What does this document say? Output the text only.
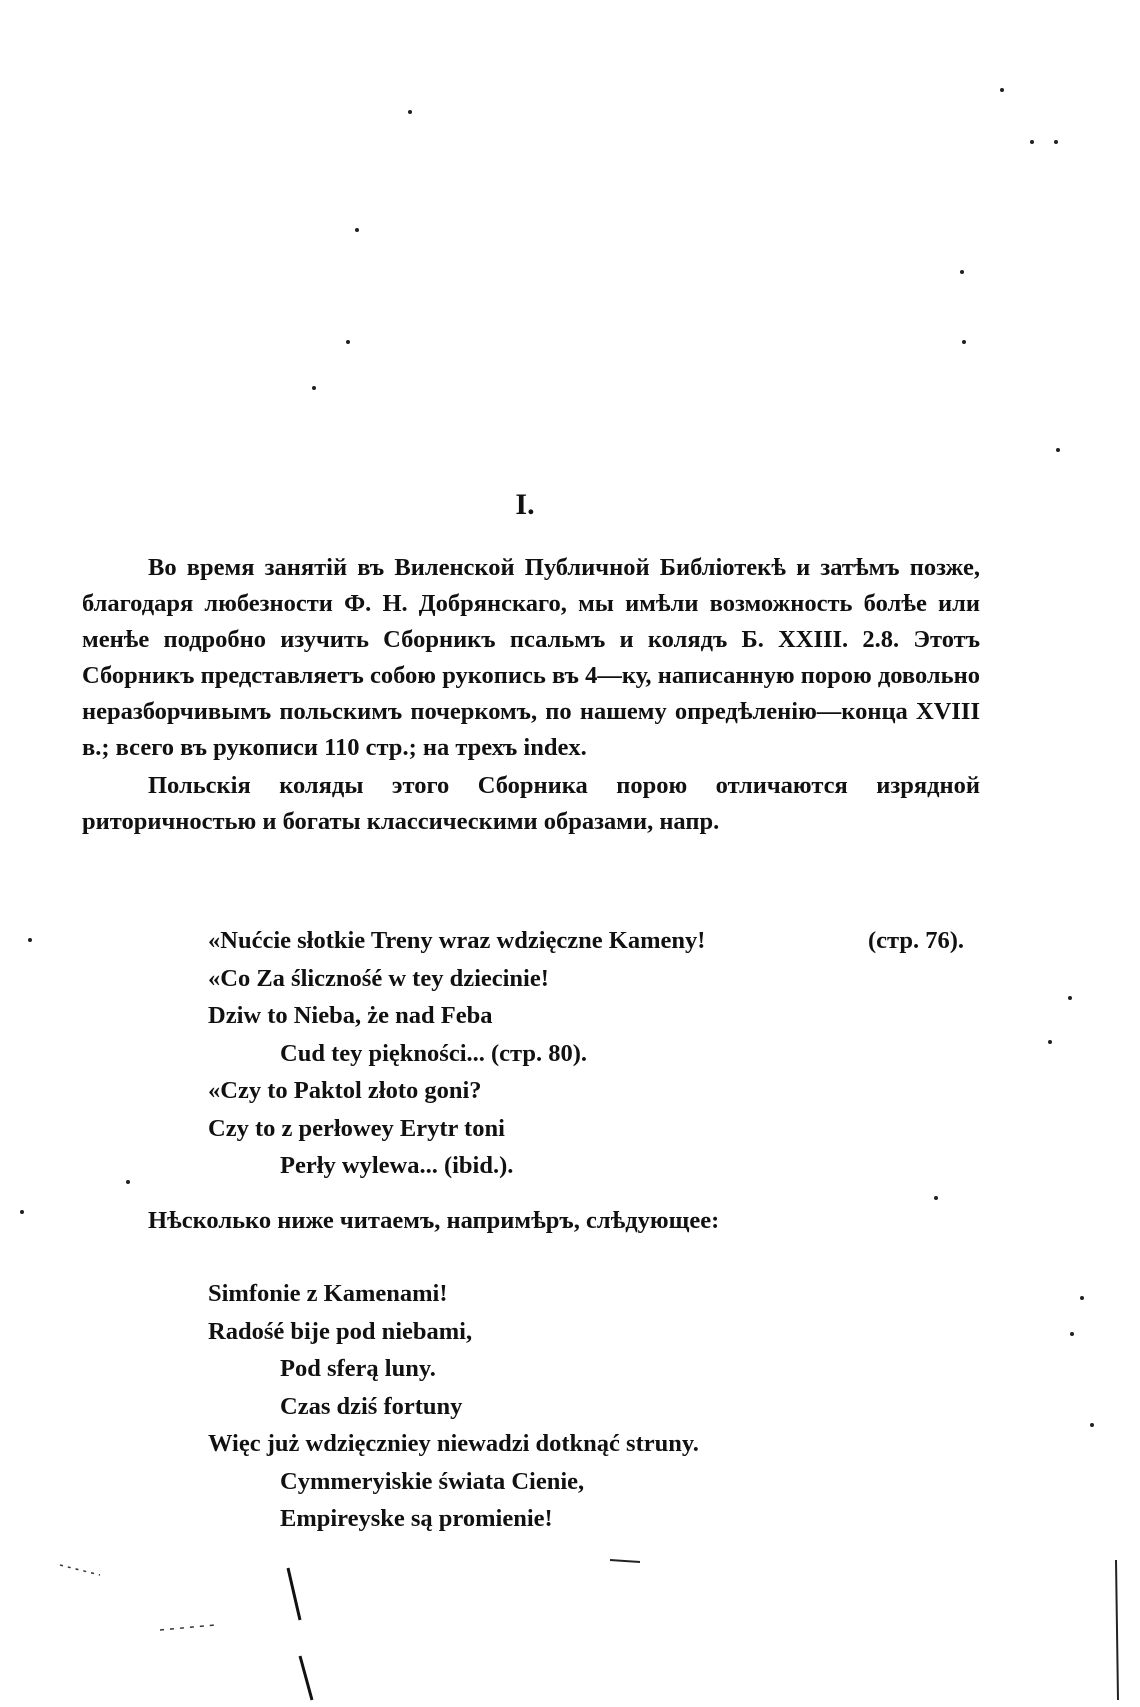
I.

Во время занятій въ Виленской Публичной Библіотекѣ и затѣмъ позже, благодаря любезности Ф. Н. Добрянскаго, мы имѣли возможность болѣе или менѣе подробно изучить Сборникъ псальмъ и колядъ Б. XXIII. 2.8. Этотъ Сборникъ представляетъ собою рукопись въ 4—ку, написанную порою довольно неразборчивымъ польскимъ почеркомъ, по нашему опредѣленію—конца XVIII в.; всего въ рукописи 110 стр.; на трехъ index.

Польскія коляды этого Сборника порою отличаются изрядной риторичностью и богаты классическими образами, напр.

«Nućcie słotkie Treny wraz wdzięczne Kameny!	(стр. 76).
«Co Za ślicznośé w tey dziecinie!
Dziw to Nieba, że nad Feba
Cud tey piękności... (стр. 80).
«Czy to Paktol złoto goni?
Czy to z perłowey Erytr toni
Perły wylewa... (ibid.).
Нѣсколько ниже читаемъ, напримѣръ, слѣдующее:
Simfonie z Kamenami!
Radośé bije pod niebami,
Pod sferą luny.
Czas dziś fortuny
Więc już wdzięczniey niewadzi dotknąć struny.
Cymmeryiskie świata Cienie,
Empireyske są promienie!
